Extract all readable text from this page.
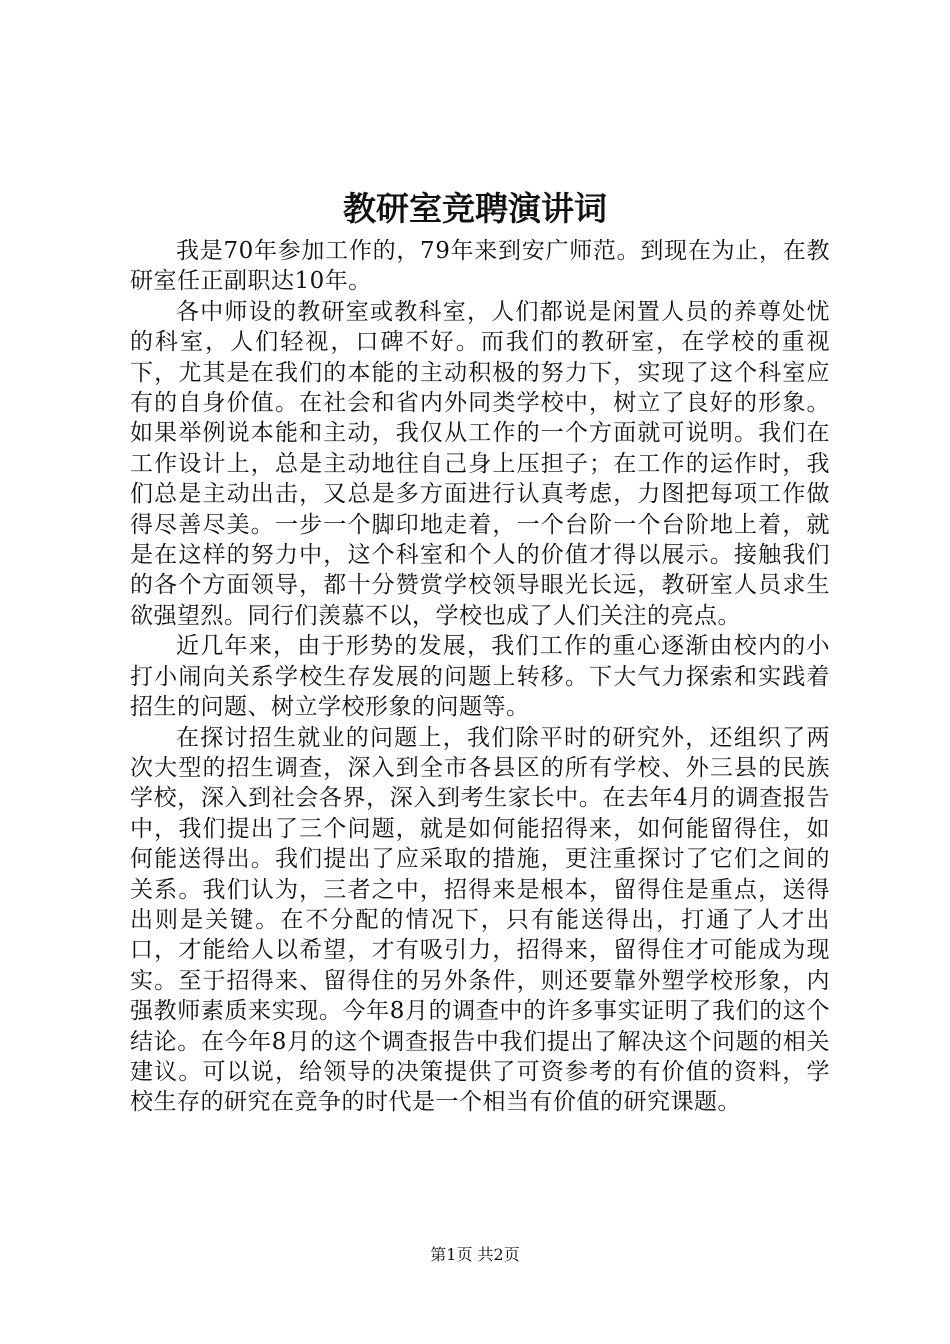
教研室竞聘演讲词

我是70年参加工作的，79年来到安广师范。到现在为止，在教研室任正副职达10年。

各中师设的教研室或教科室，人们都说是闲置人员的养尊处忧的科室，人们轻视，口碑不好。而我们的教研室，在学校的重视下，尤其是在我们的本能的主动积极的努力下，实现了这个科室应有的自身价值。在社会和省内外同类学校中，树立了良好的形象。如果举例说本能和主动，我仅从工作的一个方面就可说明。我们在工作设计上，总是主动地往自己身上压担子；在工作的运作时，我们总是主动出击，又总是多方面进行认真考虑，力图把每项工作做得尽善尽美。一步一个脚印地走着，一个台阶一个台阶地上着，就是在这样的努力中，这个科室和个人的价值才得以展示。接触我们的各个方面领导，都十分赞赏学校领导眼光长远，教研室人员求生欲强望烈。同行们羡慕不以，学校也成了人们关注的亮点。

近几年来，由于形势的发展，我们工作的重心逐渐由校内的小打小闹向关系学校生存发展的问题上转移。下大气力探索和实践着招生的问题、树立学校形象的问题等。

在探讨招生就业的问题上，我们除平时的研究外，还组织了两次大型的招生调查，深入到全市各县区的所有学校、外三县的民族学校，深入到社会各界，深入到考生家长中。在去年4月的调查报告中，我们提出了三个问题，就是如何能招得来，如何能留得住，如何能送得出。我们提出了应采取的措施，更注重探讨了它们之间的关系。我们认为，三者之中，招得来是根本，留得住是重点，送得出则是关键。在不分配的情况下，只有能送得出，打通了人才出口，才能给人以希望，才有吸引力，招得来，留得住才可能成为现实。至于招得来、留得住的另外条件，则还要靠外塑学校形象，内强教师素质来实现。今年8月的调查中的许多事实证明了我们的这个结论。在今年8月的这个调查报告中我们提出了解决这个问题的相关建议。可以说，给领导的决策提供了可资参考的有价值的资料，学校生存的研究在竞争的时代是一个相当有价值的研究课题。

第1页 共2页
